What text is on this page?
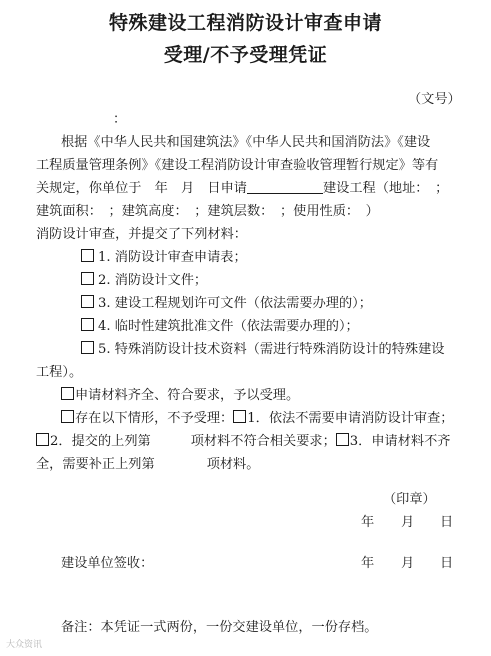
特殊建设工程消防设计审查申请
受理/不予受理凭证
（文号）
：
根据《中华人民共和国建筑法》《中华人民共和国消防法》《建设
工程质量管理条例》《建设工程消防设计审查验收管理暂行规定》等有
关规定，你单位于　年　月　日申请	建设工程（地址：　；
建筑面积：　；建筑高度：　；建筑层数：　；使用性质：　）
消防设计审查，并提交了下列材料：
1. 消防设计审查申请表；
2. 消防设计文件；
3. 建设工程规划许可文件（依法需要办理的）；
4. 临时性建筑批准文件（依法需要办理的）；
5. 特殊消防设计技术资料（需进行特殊消防设计的特殊建设
工程）。
申请材料齐全、符合要求，予以受理。
存在以下情形，不予受理： 1．依法不需要申请消防设计审查；
2．提交的上列第	项材料不符合相关要求； 3．申请材料不齐
全，需要补正上列第	项材料。
（印章）
年 月 日
建设单位签收：	年 月 日
备注：本凭证一式两份，一份交建设单位，一份存档。
大众资讯
